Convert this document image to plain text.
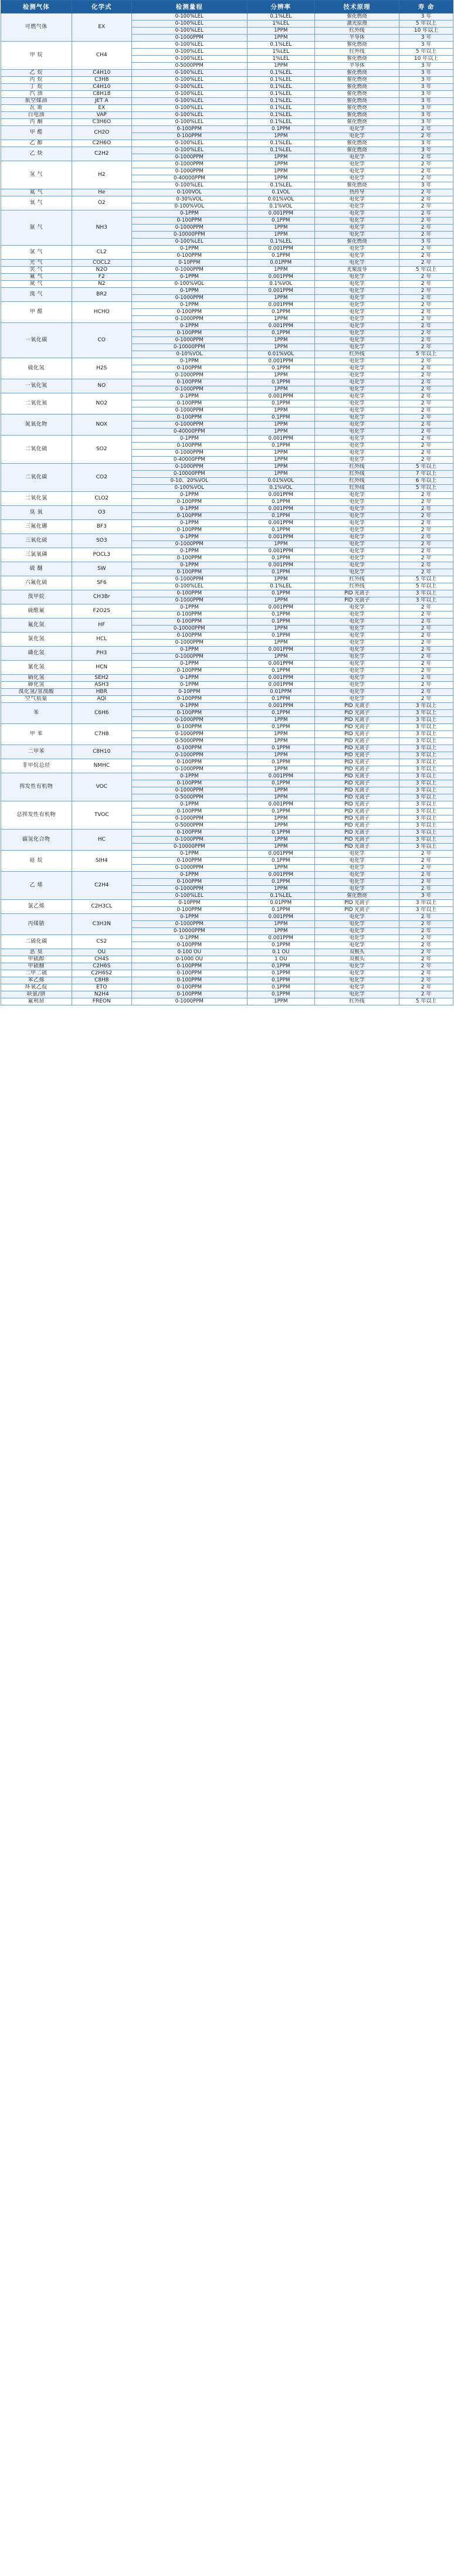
检测气体	化学式	检测量程	分辨率	技术原理	寿 命
可燃气体	EX	0-100%LEL	0.1%LEL	催化燃烧	3 年
		0-100%LEL	1%LEL	激光原理	5 年以上
		0-100%LEL	1PPM	红外线	10 年以上
		0-1000PPM	1PPM	半导体	3 年
甲 烷	CH4	0-100%LEL	0.1%LEL	催化燃烧	3 年
		0-100%LEL	1%LEL	红外线	5 年以上
		0-100%LEL	1%LEL	催化燃烧	10 年以上
		0-5000PPM	1PPM	半导体	3 年
乙 烷	C4H10	0-100%LEL	0.1%LEL	催化燃烧	3 年
丙 烷	C3H8	0-100%LEL	0.1%LEL	催化燃烧	3 年
丁 烷	C4H10	0-100%LEL	0.1%LEL	催化燃烧	3 年
汽 油	C8H18	0-100%LEL	0.1%LEL	催化燃烧	3 年
航空煤油	JET A	0-100%LEL	0.1%LEL	催化燃烧	3 年
瓦 斯	EX	0-100%LEL	0.1%LEL	催化燃烧	3 年
白电油	VAP	0-100%LEL	0.1%LEL	催化燃烧	3 年
丙 酮	C3H6O	0-100%LEL	0.1%LEL	催化燃烧	3 年
甲 醛	CH2O	0-100PPM	0.1PPM	电化学	2 年
		0-100PPM	1PPM	电化学	2 年
乙 醇	C2H6O	0-100%LEL	0.1%LEL	催化燃烧	3 年
乙 炔	C2H2	0-100%LEL	0.1%LEL	催化燃烧	3 年
		0-1000PPM	1PPM	电化学	2 年
氢 气	H2	0-1000PPM	1PPM	电化学	2 年
		0-1000PPM	1PPM	电化学	2 年
		0-40000PPM	1PPM	电化学	2 年
		0-100%LEL	0.1%LEL	催化燃烧	3 年
氦 气	He	0-100VOL	0.1VOL	热传导	2 年
氧 气	O2	0-30%VOL	0.01%VOL	电化学	2 年
		0-100%VOL	0.1%VOL	电化学	2 年
氨 气	NH3	0-1PPM	0.001PPM	电化学	2 年
		0-100PPM	0.1PPM	电化学	2 年
		0-1000PPM	1PPM	电化学	2 年
		0-10000PPM	1PPM	电化学	2 年
		0-100%LEL	0.1%LEL	催化燃烧	3 年
氯 气	CL2	0-1PPM	0.001PPM	电化学	2 年
		0-100PPM	0.1PPM	电化学	2 年
光 气	COCL2	0-10PPM	0.01PPM	电化学	2 年
笑 气	N2O	0-1000PPM	1PPM	光聚波导	5 年以上
氟 气	F2	0-1PPM	0.001PPM	电化学	2 年
氮 气	N2	0-100%VOL	0.1%VOL	电化学	2 年
溴 气	BR2	0-1PPM	0.001PPM	电化学	2 年
		0-1000PPM	1PPM	电化学	2 年
甲 醛	HCHO	0-1PPM	0.001PPM	电化学	2 年
		0-100PPM	0.1PPM	电化学	2 年
		0-1000PPM	1PPM	电化学	2 年
一氧化碳	CO	0-1PPM	0.001PPM	电化学	2 年
		0-100PPM	0.1PPM	电化学	2 年
		0-1000PPM	1PPM	电化学	2 年
		0-10000PPM	1PPM	电化学	2 年
		0-10%VOL	0.01%VOL	红外线	5 年以上
硫化氢	H2S	0-1PPM	0.001PPM	电化学	2 年
		0-100PPM	0.1PPM	电化学	2 年
		0-1000PPM	1PPM	电化学	2 年
一氧化氮	NO	0-100PPM	0.1PPM	电化学	2 年
		0-1000PPM	1PPM	电化学	2 年
二氧化氮	NO2	0-1PPM	0.001PPM	电化学	2 年
		0-100PPM	0.1PPM	电化学	2 年
		0-1000PPM	1PPM	电化学	2 年
氮氧化物	NOX	0-100PPM	0.1PPM	电化学	2 年
		0-1000PPM	1PPM	电化学	2 年
		0-40000PPM	1PPM	电化学	2 年
二氧化硫	SO2	0-1PPM	0.001PPM	电化学	2 年
		0-100PPM	0.1PPM	电化学	2 年
		0-1000PPM	1PPM	电化学	2 年
		0-40000PPM	1PPM	电化学	2 年
二氧化碳	CO2	0-1000PPM	1PPM	红外线	5 年以上
		0-10000PPM	1PPM	红外线	7 年以上
		0-10、20%VOL	0.01%VOL	红外线	6 年以上
		0-100%VOL	0.1%VOL	红外线	5 年以上
二氧化氯	CLO2	0-1PPM	0.001PPM	电化学	2 年
		0-100PPM	0.1PPM	电化学	2 年
臭 氧	O3	0-1PPM	0.001PPM	电化学	2 年
		0-100PPM	0.1PPM	电化学	2 年
三氟化硼	BF3	0-1PPM	0.001PPM	电化学	2 年
		0-100PPM	0.1PPM	电化学	2 年
三氧化硫	SO3	0-1PPM	0.001PPM	电化学	2 年
		0-1000PPM	1PPM	电化学	2 年
三氯氧磷	POCL3	0-1PPM	0.001PPM	电化学	2 年
		0-100PPM	0.1PPM	电化学	2 年
硫 醚	SW	0-1PPM	0.001PPM	电化学	2 年
		0-100PPM	0.1PPM	电化学	2 年
六氟化硫	SF6	0-1000PPM	1PPM	红外线	5 年以上
		0-100%LEL	0.1%LEL	红外线	5 年以上
溴甲烷	CH3Br	0-100PPM	0.1PPM	PID 光离子	3 年以上
		0-1000PPM	1PPM	PID 光离子	3 年以上
硫酰氟	F2O2S	0-1PPM	0.001PPM	电化学	2 年
		0-100PPM	0.1PPM	电化学	2 年
氟化氢	HF	0-100PPM	0.1PPM	电化学	2 年
		0-10000PPM	1PPM	电化学	2 年
氯化氢	HCL	0-100PPM	0.1PPM	电化学	2 年
		0-1000PPM	1PPM	电化学	2 年
磷化氢	PH3	0-1PPM	0.001PPM	电化学	2 年
		0-1000PPM	1PPM	电化学	2 年
氰化氢	HCN	0-1PPM	0.001PPM	电化学	2 年
		0-100PPM	0.1PPM	电化学	2 年
硒化氢	SEH2	0-1PPM	0.001PPM	电化学	2 年
砷化氢	ASH3	0-1PPM	0.001PPM	电化学	2 年
溴化氢/氢溴酸	HBR	0-10PPM	0.01PPM	电化学	2 年
空气质量	AQI	0-100PPM	0.1PPM	电化学	2 年
苯	C6H6	0-1PPM	0.001PPM	PID 光离子	3 年以上
		0-100PPM	0.1PPM	PID 光离子	3 年以上
		0-1000PPM	1PPM	PID 光离子	3 年以上
甲 苯	C7H8	0-100PPM	0.1PPM	PID 光离子	3 年以上
		0-1000PPM	1PPM	PID 光离子	3 年以上
		0-5000PPM	1PPM	PID 光离子	3 年以上
二甲苯	C8H10	0-100PPM	0.1PPM	PID 光离子	3 年以上
		0-1000PPM	1PPM	PID 光离子	3 年以上
非甲烷总烃	NMHC	0-100PPM	0.1PPM	PID 光离子	3 年以上
		0-1000PPM	1PPM	PID 光离子	3 年以上
挥发性有机物	VOC	0-1PPM	0.001PPM	PID 光离子	3 年以上
		0-100PPM	0.1PPM	PID 光离子	3 年以上
		0-1000PPM	1PPM	PID 光离子	3 年以上
		0-5000PPM	1PPM	PID 光离子	3 年以上
总挥发性有机物	TVOC	0-1PPM	0.001PPM	PID 光离子	3 年以上
		0-100PPM	0.1PPM	PID 光离子	3 年以上
		0-1000PPM	1PPM	PID 光离子	3 年以上
		0-5000PPM	1PPM	PID 光离子	3 年以上
碳氢化合物	HC	0-100PPM	0.1PPM	PID 光离子	3 年以上
		0-1000PPM	1PPM	PID 光离子	3 年以上
		0-10000PPM	1PPM	PID 光离子	3 年以上
硅 烷	SIH4	0-1PPM	0.001PPM	电化学	2 年
		0-100PPM	0.1PPM	电化学	2 年
		0-1000PPM	1PPM	电化学	2 年
乙 烯	C2H4	0-1PPM	0.001PPM	电化学	2 年
		0-100PPM	0.1PPM	电化学	2 年
		0-1000PPM	1PPM	电化学	2 年
		0-100%LEL	0.1%LEL	催化燃烧	3 年
氯乙烯	C2H3CL	0-10PPM	0.01PPM	PID 光离子	3 年以上
		0-100PPM	0.1PPM	PID 光离子	3 年以上
丙烯腈	C3H3N	0-1PPM	0.001PPM	电化学	2 年
		0-1000PPM	1PPM	电化学	2 年
		0-10000PPM	1PPM	电化学	2 年
二硫化碳	CS2	0-1PPM	0.001PPM	电化学	2 年
		0-100PPM	0.1PPM	电化学	2 年
恶 臭	OU	0-100 OU	0.1 OU	双极头	2 年
甲硫醇	CH4S	0-1000 OU	1 OU	双极头	2 年
甲硫醚	C2H6S	0-100PPM	0.1PPM	电化学	2 年
二甲二硫	C2H6S2	0-100PPM	0.1PPM	电化学	2 年
苯乙烯	C8H8	0-100PPM	0.1PPM	电化学	2 年
环氧乙烷	ETO	0-100PPM	0.1PPM	电化学	2 年
联氨/肼	N2H4	0-100PPM	0.1PPM	电化学	2 年
氟利昂	FREON	0-1000PPM	1PPM	红外线	5 年以上
